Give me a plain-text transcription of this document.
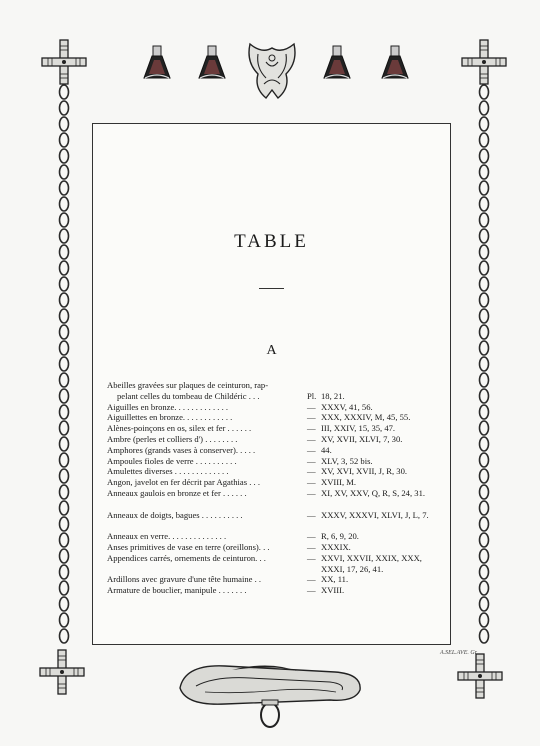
TABLE
A
Abeilles gravées sur plaques de ceinturon, rap-
pelant celles du tombeau de Childéric . . .	Pl. 18, 21.
Aiguilles en bronze. . . . . . . . . . . . .	— XXXV, 41, 56.
Aiguillettes en bronze. . . . . . . . . . . .	— XXX, XXXIV, M, 45, 55.
Alènes-poinçons en os, silex et fer . . . . . .	— III, XXIV, 15, 35, 47.
Ambre (perles et colliers d') . . . . . . . .	— XV, XVII, XLVI, 7, 30.
Amphores (grands vases à conserver). . . . .	— 44.
Ampoules fioles de verre . . . . . . . . . .	— XLV, 3, 52 bis.
Amulettes diverses . . . . . . . . . . . . .	— XV, XVI, XVII, J, R, 30.
Angon, javelot en fer décrit par Agathias . . .	— XVIII, M.
Anneaux gaulois en bronze et fer . . . . . .	— XI, XV, XXV, Q, R, S, 24, 31.
Anneaux de doigts, bagues . . . . . . . . . .	— XXXV, XXXVI, XLVI, J, L, 7.
Anneaux en verre. . . . . . . . . . . . . .	— R, 6, 9, 20.
Anses primitives de vase en terre (oreillons). . .	— XXXIX.
Appendices carrés, ornements de ceinturon. . .	— XXVI, XXVII, XXIX, XXX, XXXI, 17, 26, 41.
Ardillons avec gravure d'une tête humaine . .	— XX, 11.
Armature de bouclier, manipule . . . . . . .	— XVIII.
A.SEL.AVE. Gr.
